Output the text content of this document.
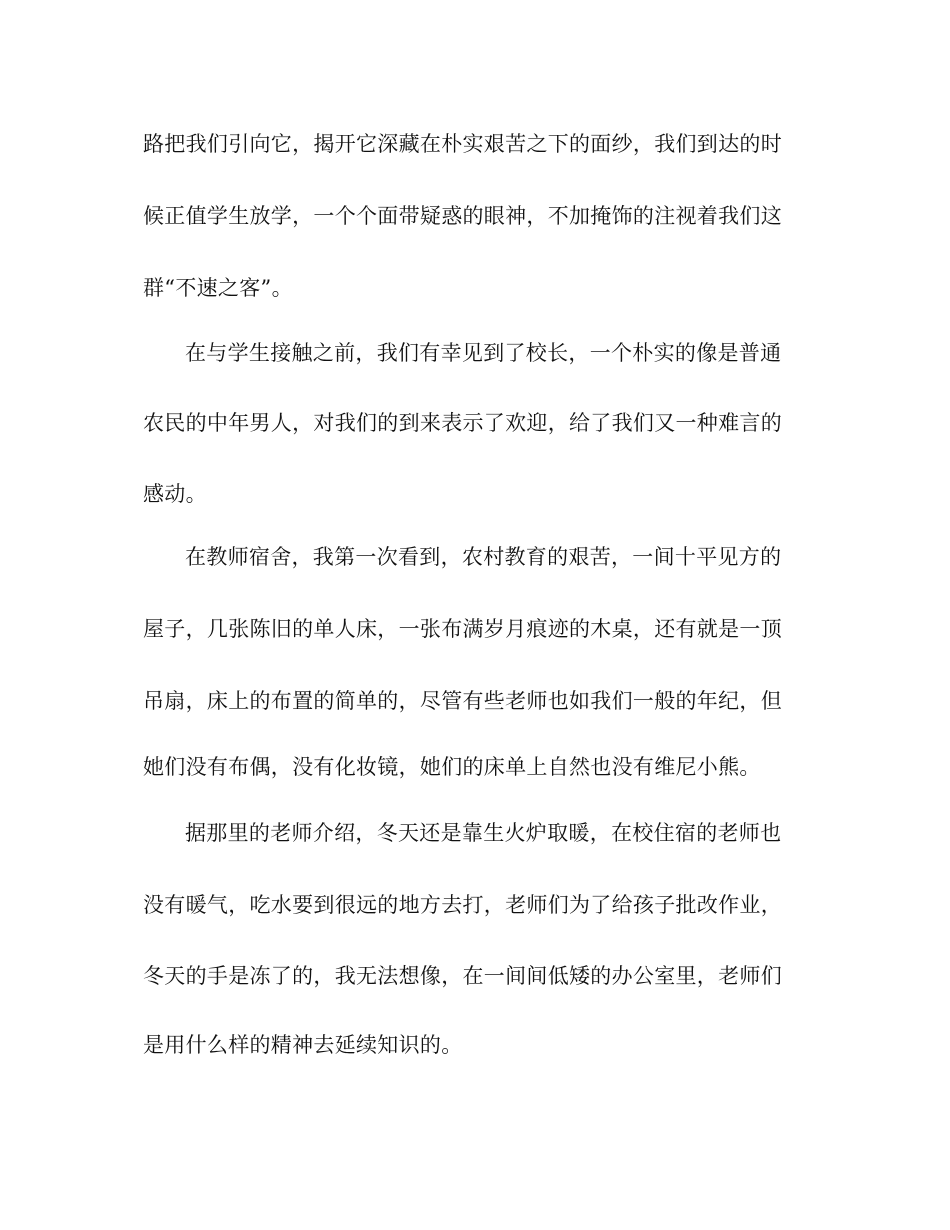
路把我们引向它，揭开它深藏在朴实艰苦之下的面纱，我们到达的时
候正值学生放学，一个个面带疑惑的眼神，不加掩饰的注视着我们这
群“不速之客”。
在与学生接触之前，我们有幸见到了校长，一个朴实的像是普通
农民的中年男人，对我们的到来表示了欢迎，给了我们又一种难言的
感动。
在教师宿舍，我第一次看到，农村教育的艰苦，一间十平见方的
屋子，几张陈旧的单人床，一张布满岁月痕迹的木桌，还有就是一顶
吊扇，床上的布置的简单的，尽管有些老师也如我们一般的年纪，但
她们没有布偶，没有化妆镜，她们的床单上自然也没有维尼小熊。
据那里的老师介绍，冬天还是靠生火炉取暖，在校住宿的老师也
没有暖气，吃水要到很远的地方去打，老师们为了给孩子批改作业，
冬天的手是冻了的，我无法想像，在一间间低矮的办公室里，老师们
是用什么样的精神去延续知识的。
